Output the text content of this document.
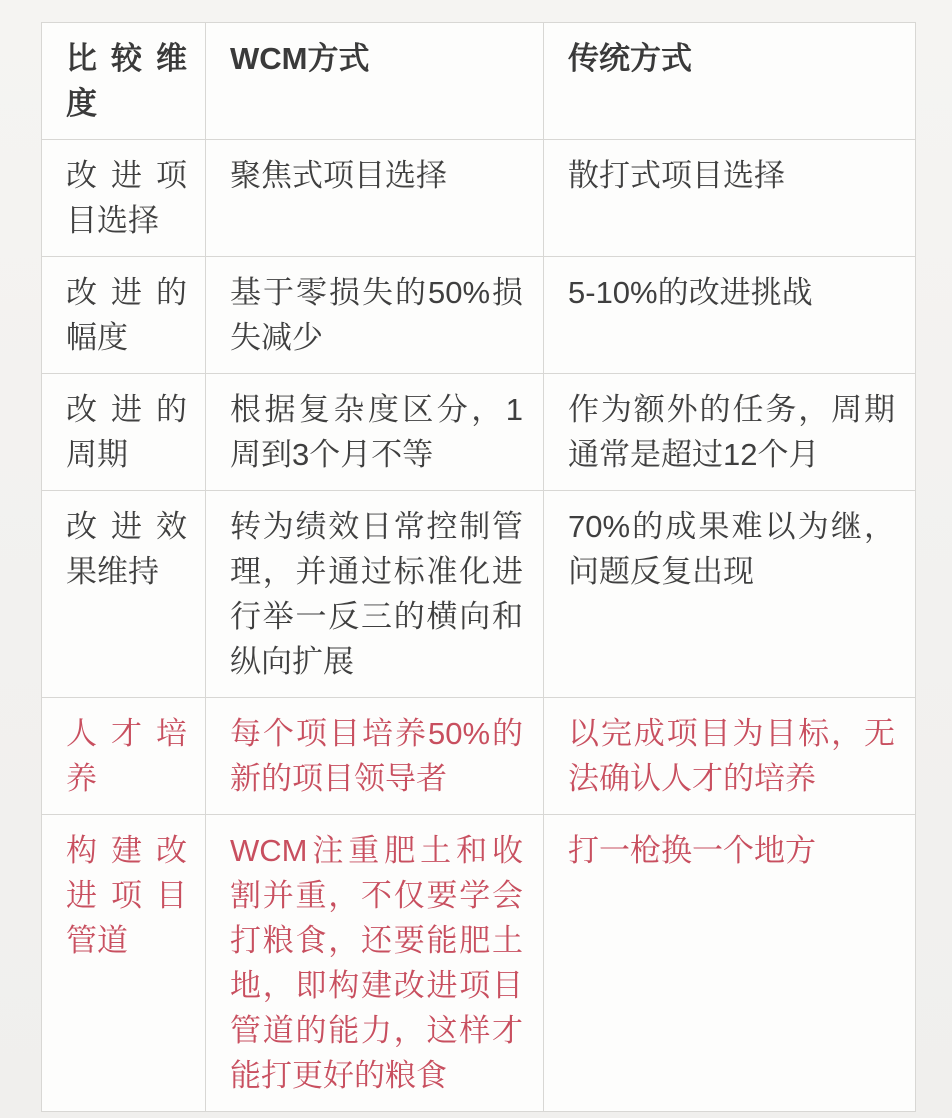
比较维度	WCM方式	传统方式
改进项目选择	聚焦式项目选择	散打式项目选择
改进的幅度	基于零损失的50%损失减少	5-10%的改进挑战
改进的周期	根据复杂度区分，1周到3个月不等	作为额外的任务，周期通常是超过12个月
改进效果维持	转为绩效日常控制管理，并通过标准化进行举一反三的横向和纵向扩展	70%的成果难以为继，问题反复出现
人才培养	每个项目培养50%的新的项目领导者	以完成项目为目标，无法确认人才的培养
构建改进项目管道	WCM注重肥土和收割并重，不仅要学会打粮食，还要能肥土地，即构建改进项目管道的能力，这样才能打更好的粮食	打一枪换一个地方
